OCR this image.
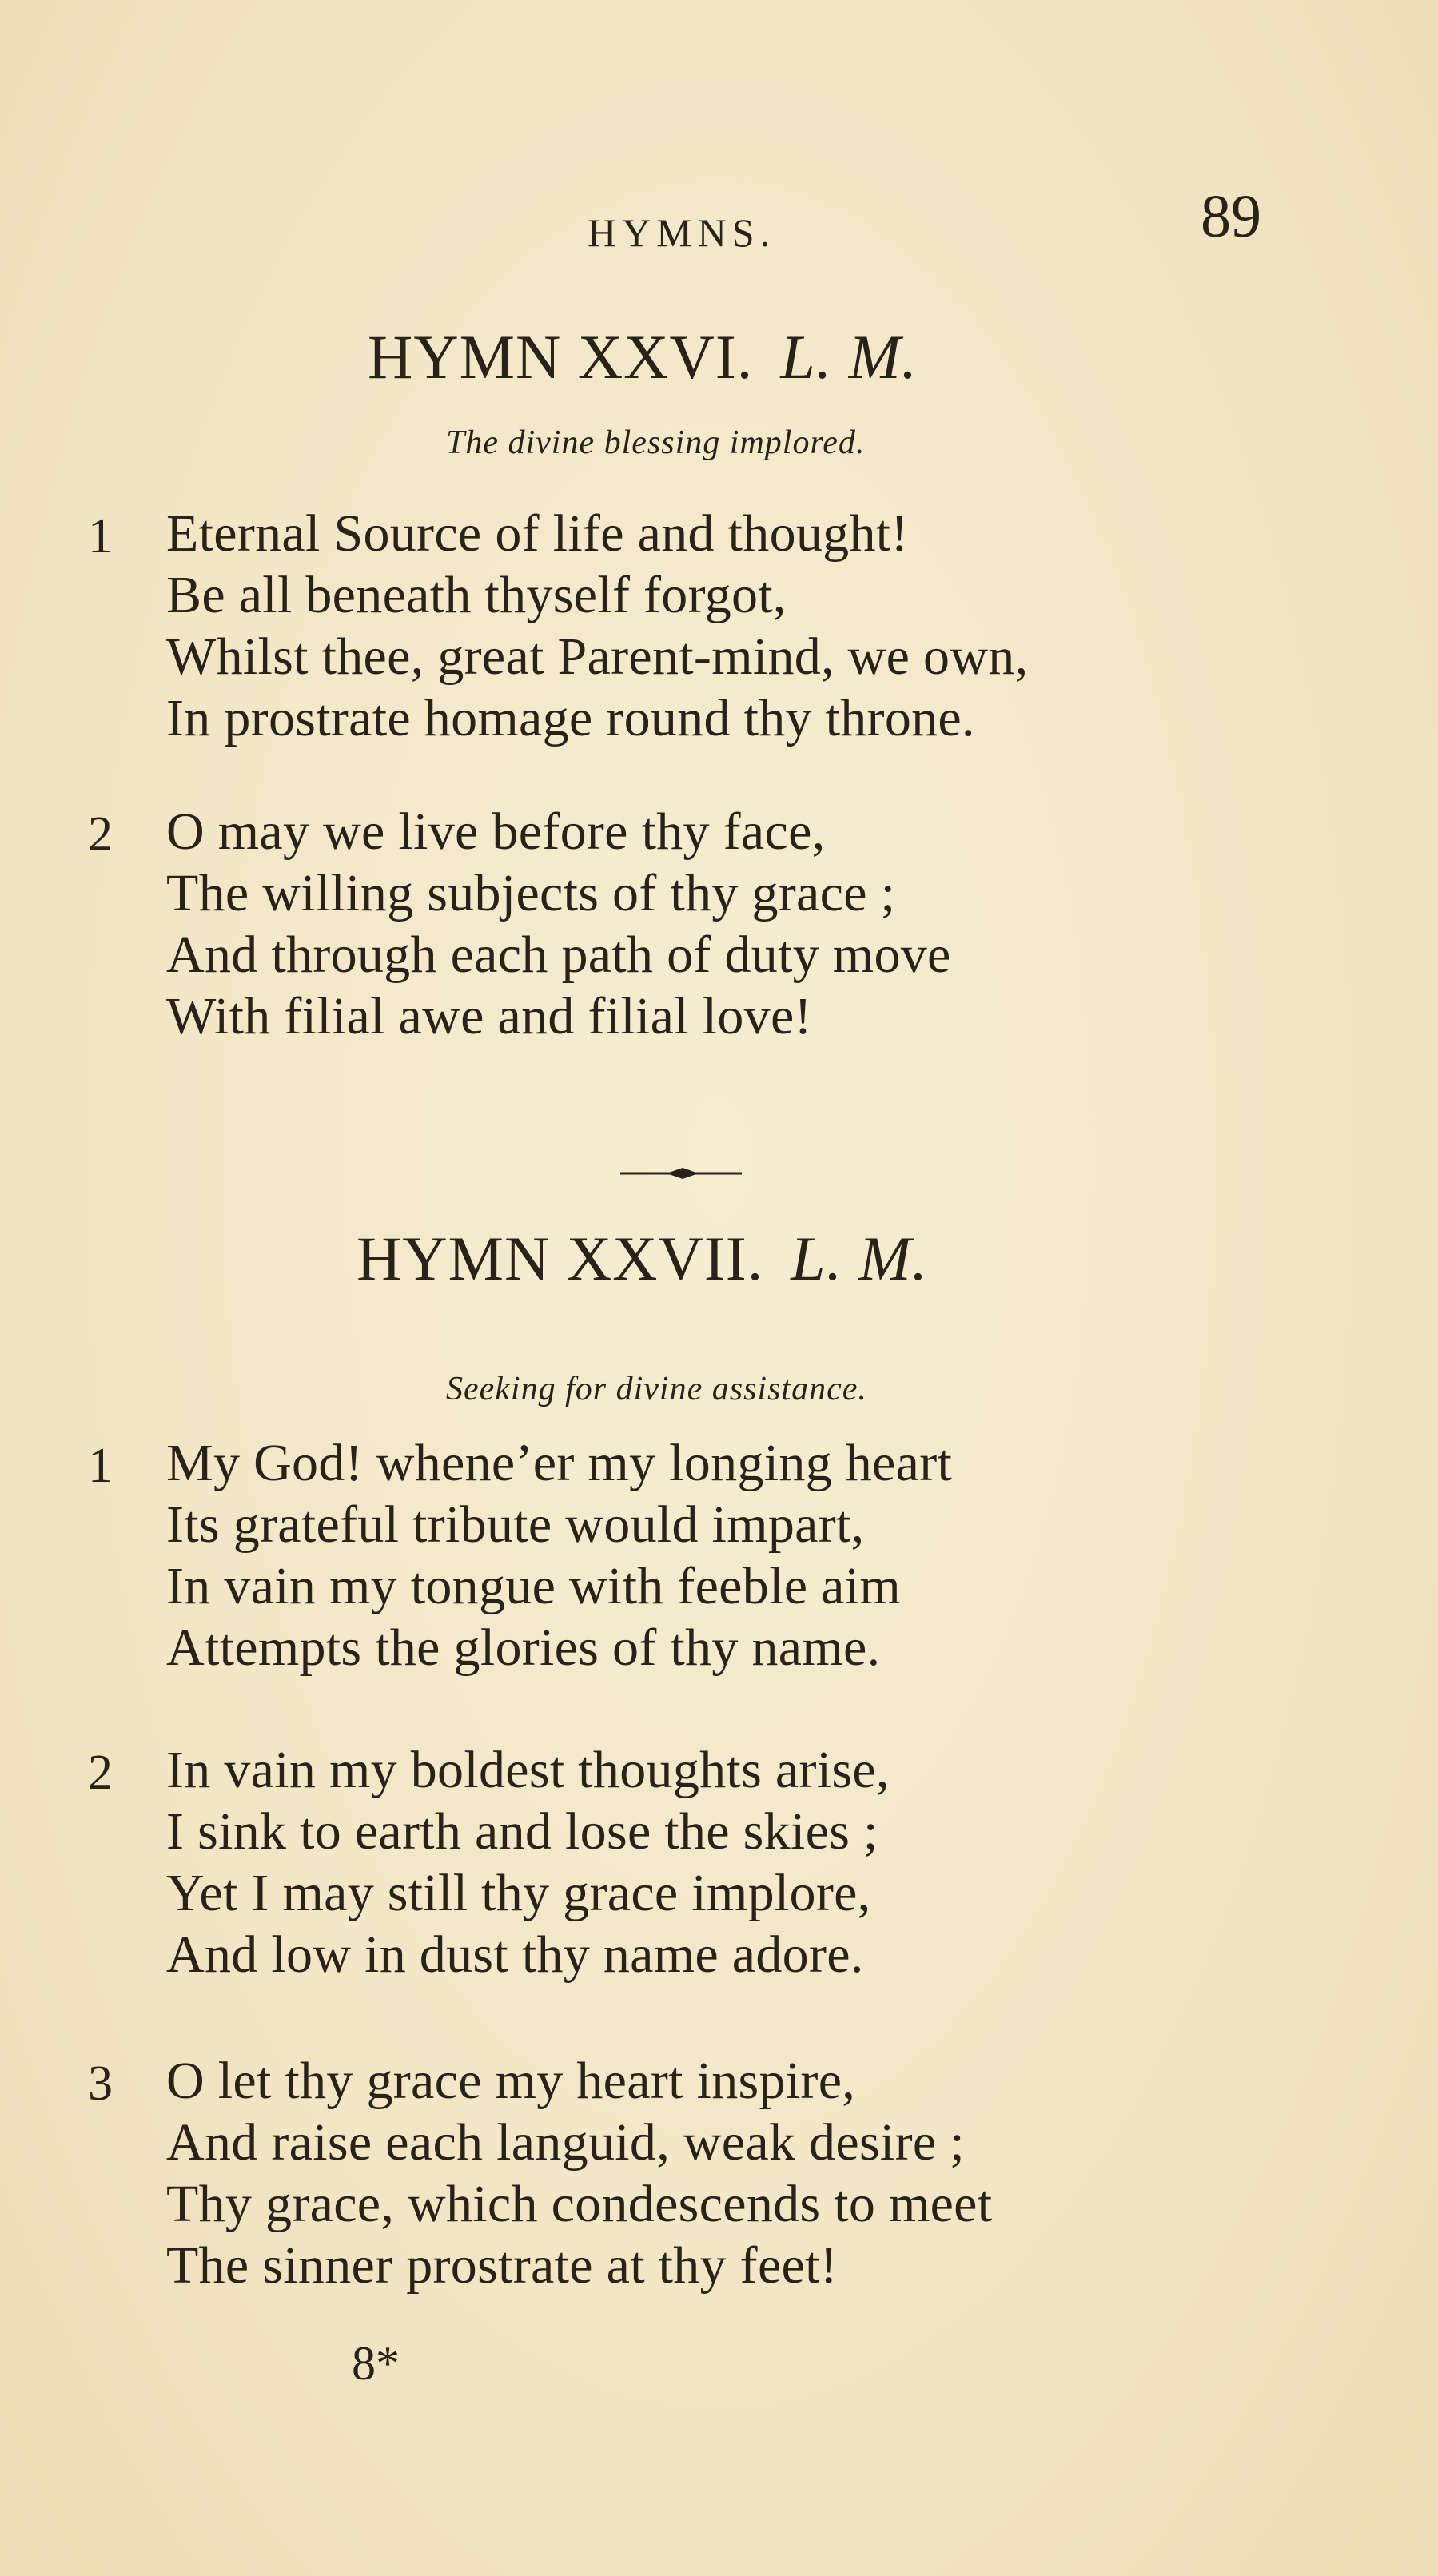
HYMNS.	89
HYMN XXVI. L. M.
The divine blessing implored.
1 Eternal Source of life and thought!
Be all beneath thyself forgot,
Whilst thee, great Parent-mind, we own,
In prostrate homage round thy throne.
2 O may we live before thy face,
The willing subjects of thy grace ;
And through each path of duty move
With filial awe and filial love!
HYMN XXVII. L. M.
Seeking for divine assistance.
1 My God! whene’er my longing heart
Its grateful tribute would impart,
In vain my tongue with feeble aim
Attempts the glories of thy name.
2 In vain my boldest thoughts arise,
I sink to earth and lose the skies ;
Yet I may still thy grace implore,
And low in dust thy name adore.
3 O let thy grace my heart inspire,
And raise each languid, weak desire ;
Thy grace, which condescends to meet
The sinner prostrate at thy feet!
8*
